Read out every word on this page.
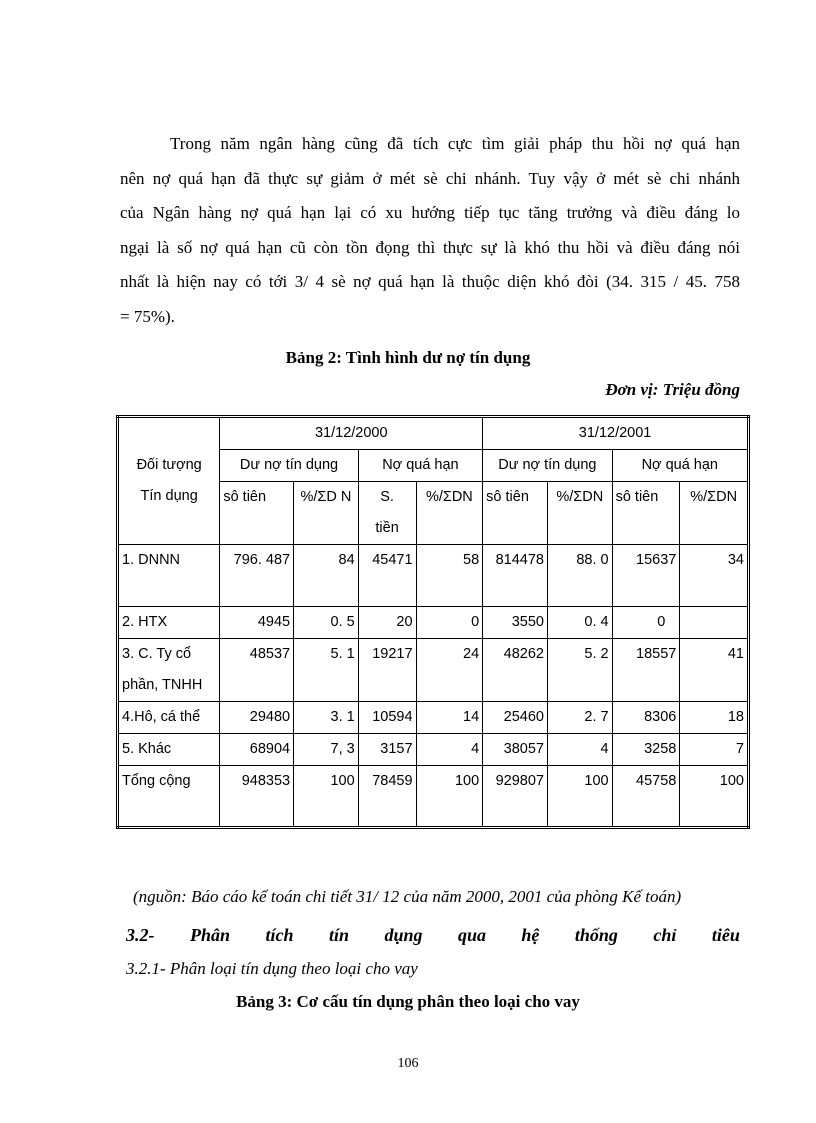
Trong năm ngân hàng cũng đã tích cực tìm giải pháp thu hồi nợ quá hạn
nên nợ quá hạn đã thực sự giảm ở mét sè chi nhánh. Tuy vậy ở mét sè chi nhánh
của Ngân hàng nợ quá hạn lại có xu hướng tiếp tục tăng trưởng và điều đáng lo
ngại là số nợ quá hạn cũ còn tồn đọng thì thực sự là khó thu hồi và điều đáng nói
nhất là hiện nay có tới 3/ 4 sè nợ quá hạn là thuộc diện khó đòi (34. 315 / 45. 758
= 75%).
Bảng 2: Tình hình dư nợ tín dụng
Đơn vị: Triệu đồng
Đối tượng
Tín dụng	31/12/2000				31/12/2001			
	Dư nợ tín dụng		Nợ quá hạn		Dư nợ tín dụng		Nợ quá hạn	
	sô tiên	%/ΣD N	S. tiền	%/ΣDN	sô tiên	%/ΣDN	sô tiên	%/ΣDN
1. DNNN	796. 487	84	45471	58	814478	88. 0	15637	34
2. HTX	4945	0. 5	20	0	3550	0. 4	0	
3. C. Ty cổ phần, TNHH	48537	5. 1	19217	24	48262	5. 2	18557	41
4.Hô, cá thể	29480	3. 1	10594	14	25460	2. 7	8306	18
5. Khác	68904	7, 3	3157	4	38057	4	3258	7
Tổng cộng	948353	100	78459	100	929807	100	45758	100
(nguồn: Báo cáo kế toán chi tiết 31/ 12 của năm 2000, 2001 của phòng Kế toán)
3.2- Phân tích tín dụng qua hệ thống chỉ tiêu
3.2.1- Phân loại tín dụng theo loại cho vay
Bảng 3: Cơ cấu tín dụng phân theo loại cho vay
106
